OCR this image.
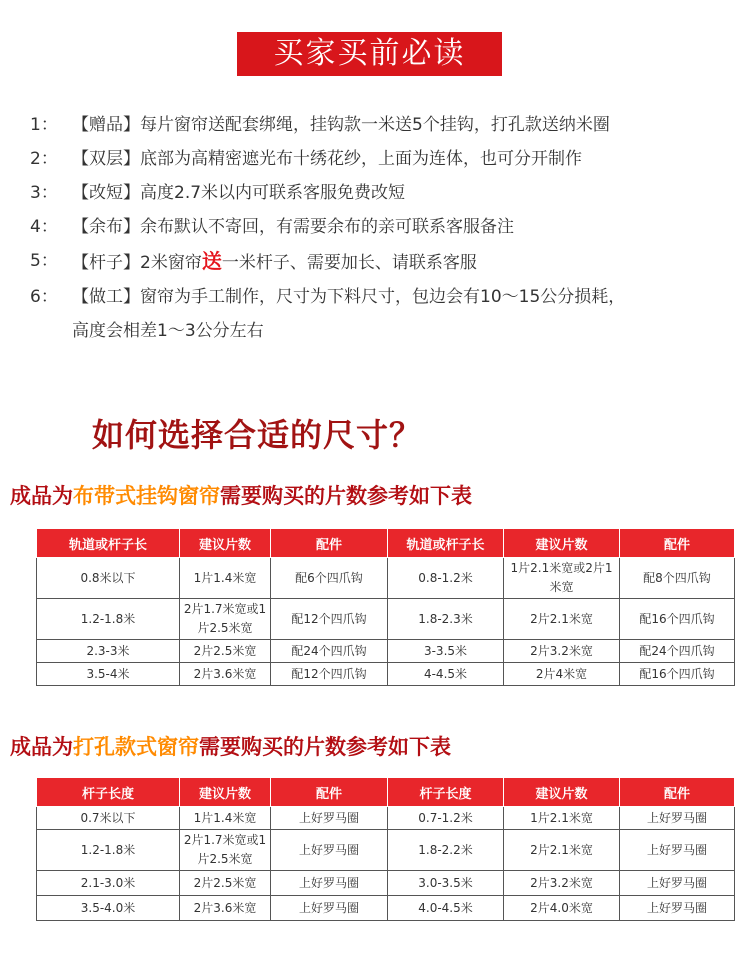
买家买前必读
1： 【赠品】每片窗帘送配套绑绳，挂钩款一米送5个挂钩，打孔款送纳米圈
2： 【双层】底部为高精密遮光布十绣花纱，上面为连体，也可分开制作
3： 【改短】高度2.7米以内可联系客服免费改短
4： 【余布】余布默认不寄回，有需要余布的亲可联系客服备注
5： 【杆子】2米窗帘送一米杆子、需要加长、请联系客服
6： 【做工】窗帘为手工制作，尺寸为下料尺寸，包边会有10～15公分损耗，
高度会相差1～3公分左右
如何选择合适的尺寸？
成品为布带式挂钩窗帘需要购买的片数参考如下表
轨道或杆子长	建议片数	配件	轨道或杆子长	建议片数	配件
0.8米以下	1片1.4米宽	配6个四爪钩	0.8-1.2米	1片2.1米宽或2片1米宽	配8个四爪钩
1.2-1.8米	2片1.7米宽或1片2.5米宽	配12个四爪钩	1.8-2.3米	2片2.1米宽	配16个四爪钩
2.3-3米	2片2.5米宽	配24个四爪钩	3-3.5米	2片3.2米宽	配24个四爪钩
3.5-4米	2片3.6米宽	配12个四爪钩	4-4.5米	2片4米宽	配16个四爪钩
成品为打孔款式窗帘需要购买的片数参考如下表
杆子长度	建议片数	配件	杆子长度	建议片数	配件
0.7米以下	1片1.4米宽	上好罗马圈	0.7-1.2米	1片2.1米宽	上好罗马圈
1.2-1.8米	2片1.7米宽或1片2.5米宽	上好罗马圈	1.8-2.2米	2片2.1米宽	上好罗马圈
2.1-3.0米	2片2.5米宽	上好罗马圈	3.0-3.5米	2片3.2米宽	上好罗马圈
3.5-4.0米	2片3.6米宽	上好罗马圈	4.0-4.5米	2片4.0米宽	上好罗马圈
